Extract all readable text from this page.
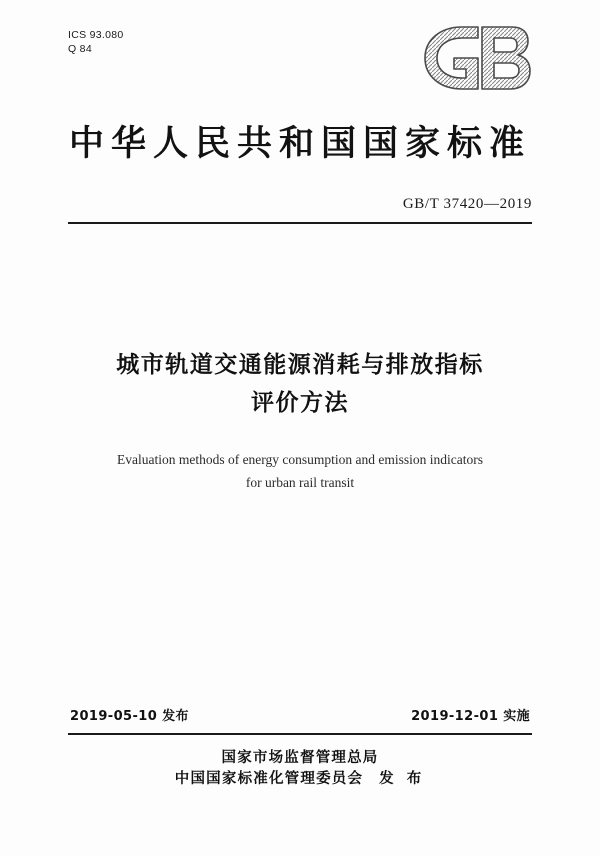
ICS 93.080
Q 84
中华人民共和国国家标准
GB/T 37420—2019
城市轨道交通能源消耗与排放指标
评价方法
Evaluation methods of energy consumption and emission indicators
for urban rail transit
2019-05-10 发布	2019-12-01 实施
国家市场监督管理总局
中国国家标准化管理委员会 发 布
